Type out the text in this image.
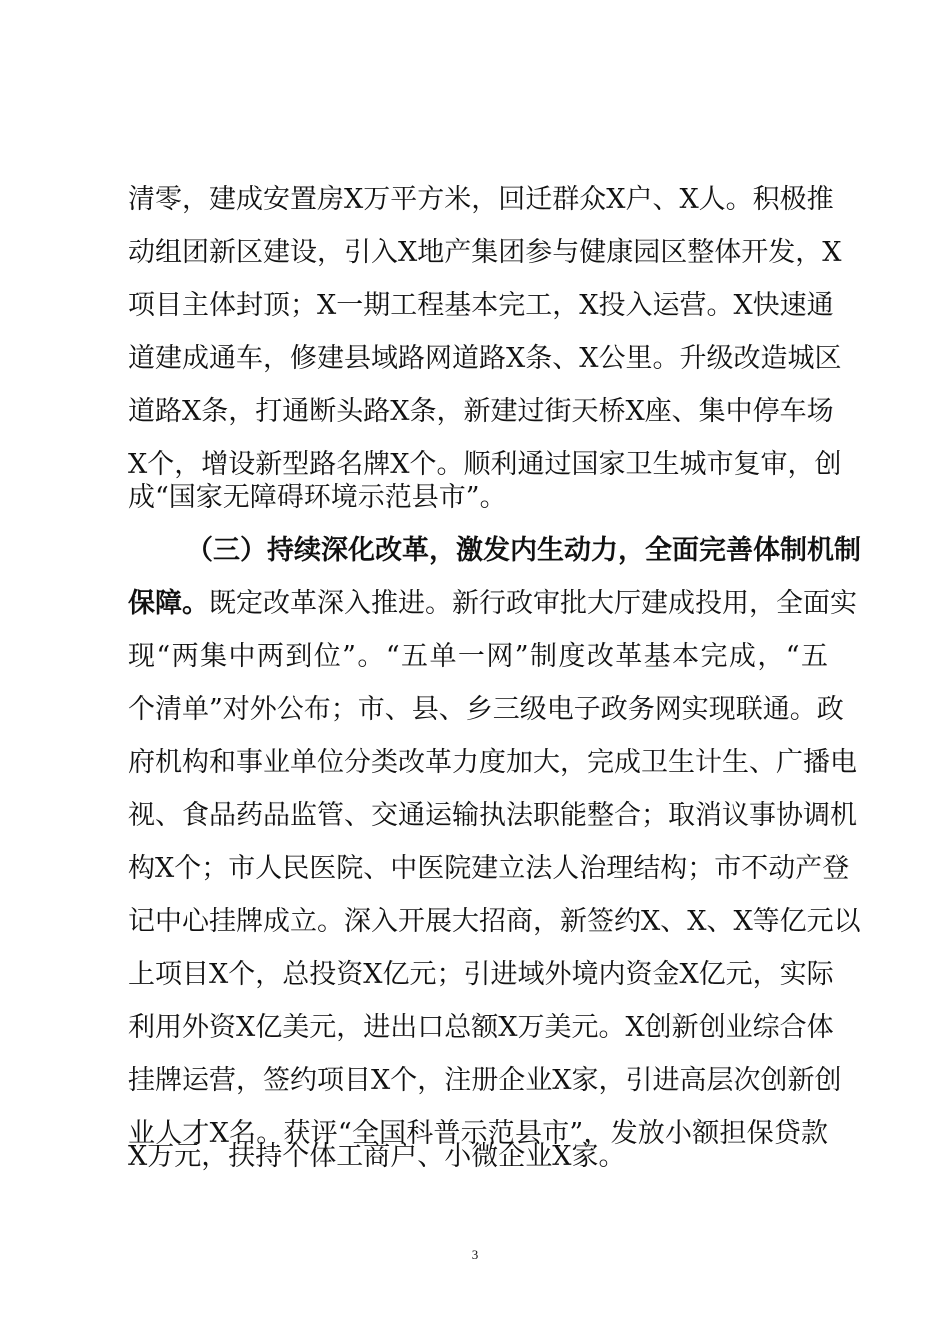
清零，建成安置房X万平方米，回迁群众X户、X人。积极推
动组团新区建设，引入X地产集团参与健康园区整体开发，X
项目主体封顶；X一期工程基本完工，X投入运营。X快速通
道建成通车，修建县域路网道路X条、X公里。升级改造城区
道路X条，打通断头路X条，新建过街天桥X座、集中停车场
X个，增设新型路名牌X个。顺利通过国家卫生城市复审，创
成“国家无障碍环境示范县市”。
（三）持续深化改革，激发内生动力，全面完善体制机制
保障。既定改革深入推进。新行政审批大厅建成投用，全面实
现“两集中两到位”。“五单一网”制度改革基本完成，“五
个清单”对外公布；市、县、乡三级电子政务网实现联通。政
府机构和事业单位分类改革力度加大，完成卫生计生、广播电
视、食品药品监管、交通运输执法职能整合；取消议事协调机
构X个；市人民医院、中医院建立法人治理结构；市不动产登
记中心挂牌成立。深入开展大招商，新签约X、X、X等亿元以
上项目X个，总投资X亿元；引进域外境内资金X亿元，实际
利用外资X亿美元，进出口总额X万美元。X创新创业综合体
挂牌运营，签约项目X个，注册企业X家，引进高层次创新创
业人才X名。获评“全国科普示范县市”，发放小额担保贷款
X万元，扶持个体工商户、小微企业X家。
3
